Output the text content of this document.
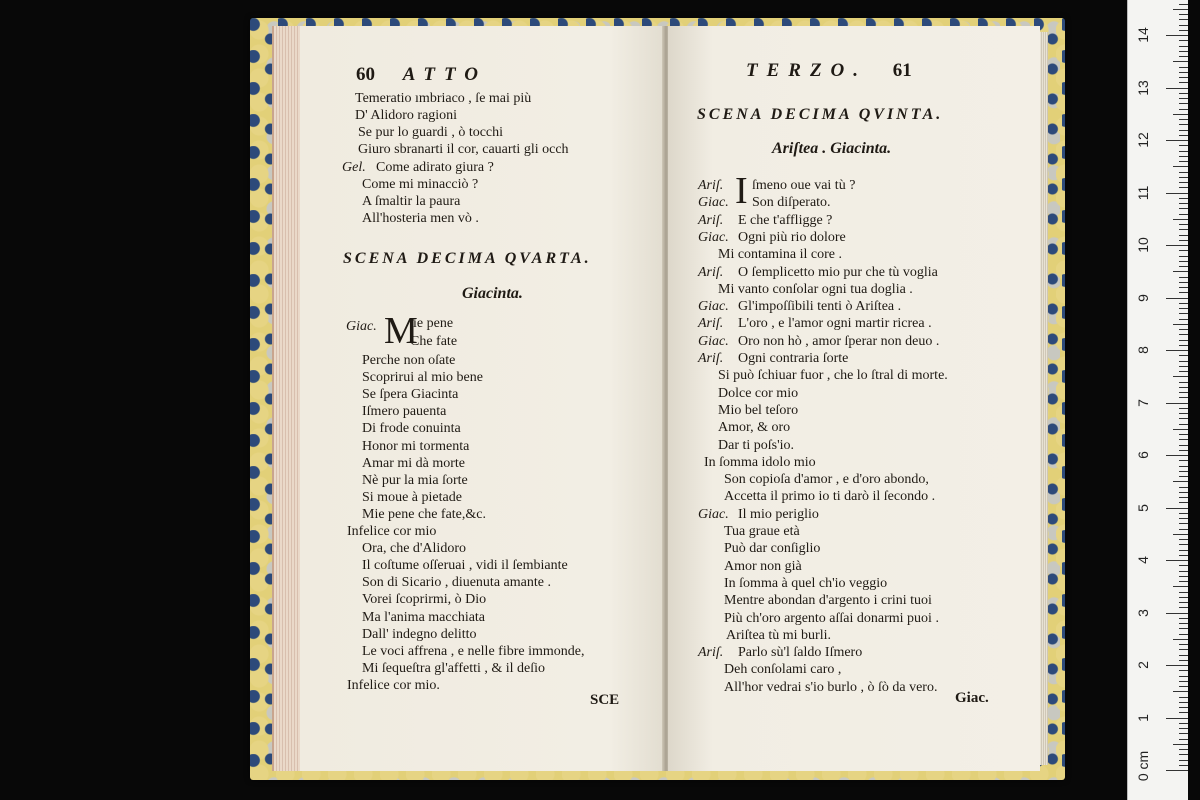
60 ATTO
Temeratio ımbriaco , ſe mai più
D' Alidoro ragioni
Se pur lo guardi , ò tocchi
Giuro sbranarti il cor, cauarti gli occh
Come adirato giura ?
Come mi minacciò ?
A ſmaltir la paura
All'hosteria men vò .
Gel.
SCENA DECIMA QVARTA.
Giacinta.
Giac. M
ie pene
Che fate
Perche non oſate
Scoprirui al mio bene
Se ſpera Giacinta
Iſmero pauenta
Di frode conuinta
Honor mi tormenta
Amar mi dà morte
Nè pur la mia ſorte
Si moue à pietade
Mie pene che fate,&c.
Infelice cor mio
Ora, che d'Alidoro
Il coſtume oſſeruai , vidi il ſembiante
Son di Sicario , diuenuta amante .
Vorei ſcoprirmi, ò Dio
Ma l'anima macchiata
Dall' indegno delitto
Le voci affrena , e nelle fibre immonde,
Mi ſequeſtra gl'affetti , & il deſio
Infelice cor mio.
SCE
TERZO. 61
SCENA DECIMA QVINTA.
Ariſtea . Giacinta.
I
Ariſ. ſmeno oue vai tù ?
Giac. Son diſperato.
Ariſ. E che t'affligge ?
Giac. Ogni più rio dolore
Mi contamina il core .
Ariſ. O ſemplicetto mio pur che tù voglia
Mi vanto conſolar ogni tua doglia .
Giac. Gl'impoſſibili tenti ò Ariſtea .
Ariſ. L'oro , e l'amor ogni martir ricrea .
Giac. Oro non hò , amor ſperar non deuo .
Ariſ. Ogni contraria ſorte
Si può ſchiuar fuor , che lo ſtral di morte.
Dolce cor mio
Mio bel teſoro
Amor, & oro
Dar ti poſs'io.
In ſomma idolo mio
Son copioſa d'amor , e d'oro abondo,
Accetta il primo io ti darò il ſecondo .
Giac. Il mio periglio
Tua graue età
Può dar conſiglio
Amor non già
In ſomma à quel ch'io veggio
Mentre abondan d'argento i crini tuoi
Più ch'oro argento aſſai donarmi puoi .
Ariſtea tù mi burli.
Ariſ. Parlo sù'l ſaldo Iſmero
Deh conſolami caro ,
All'hor vedrai s'io burlo , ò ſò da vero.
Giac.
0 cm
1
2
3
4
5
6
7
8
9
10
11
12
13
14
